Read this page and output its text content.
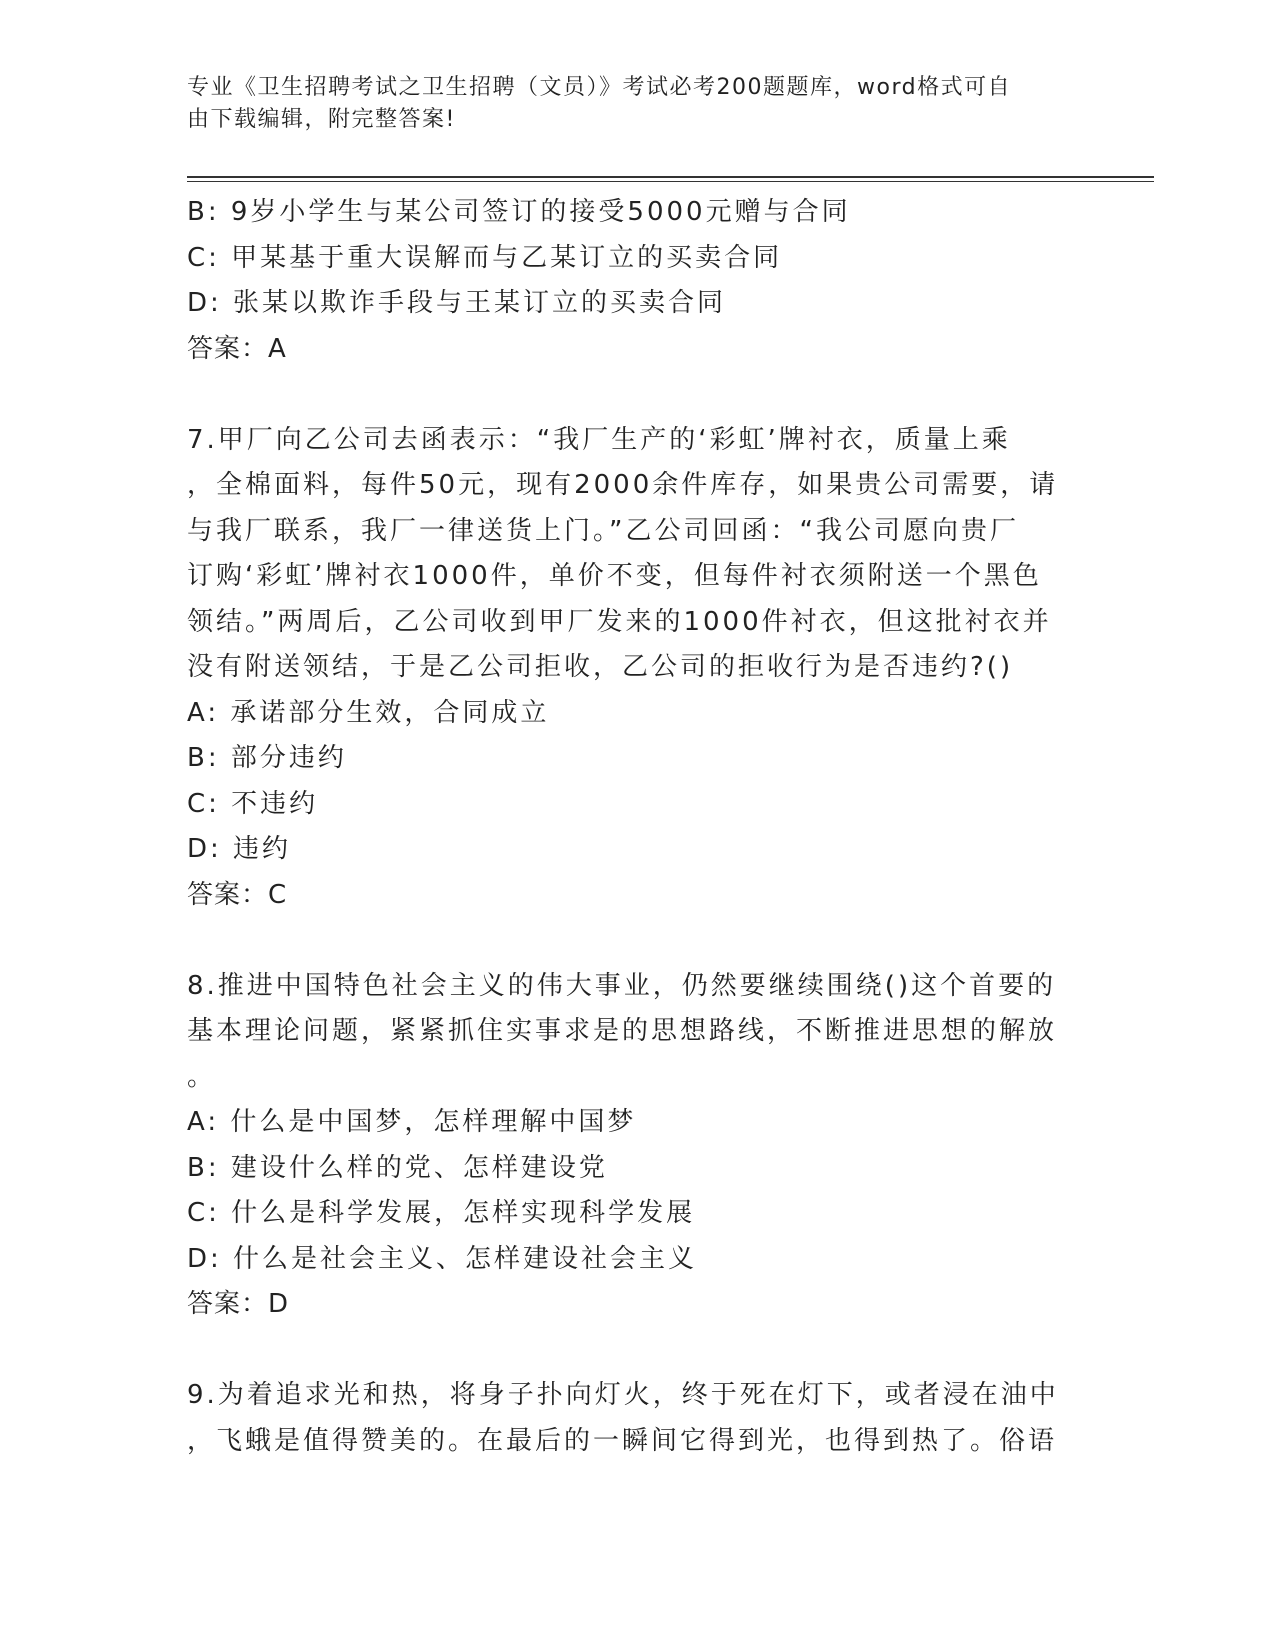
专业《卫生招聘考试之卫生招聘（文员）》考试必考200题题库，word格式可自
由下载编辑，附完整答案!
B: 9岁小学生与某公司签订的接受5000元赠与合同
C: 甲某基于重大误解而与乙某订立的买卖合同
D: 张某以欺诈手段与王某订立的买卖合同
答案：A
7.甲厂向乙公司去函表示：“我厂生产的‘彩虹’牌衬衣，质量上乘
，全棉面料，每件50元，现有2000余件库存，如果贵公司需要，请
与我厂联系，我厂一律送货上门。”乙公司回函：“我公司愿向贵厂
订购‘彩虹’牌衬衣1000件，单价不变，但每件衬衣须附送一个黑色
领结。”两周后，乙公司收到甲厂发来的1000件衬衣，但这批衬衣并
没有附送领结，于是乙公司拒收，乙公司的拒收行为是否违约?()
A: 承诺部分生效，合同成立
B: 部分违约
C: 不违约
D: 违约
答案：C
8.推进中国特色社会主义的伟大事业，仍然要继续围绕()这个首要的
基本理论问题，紧紧抓住实事求是的思想路线，不断推进思想的解放
。
A: 什么是中国梦，怎样理解中国梦
B: 建设什么样的党、怎样建设党
C: 什么是科学发展，怎样实现科学发展
D: 什么是社会主义、怎样建设社会主义
答案：D
9.为着追求光和热，将身子扑向灯火，终于死在灯下，或者浸在油中
，飞蛾是值得赞美的。在最后的一瞬间它得到光，也得到热了。俗语
